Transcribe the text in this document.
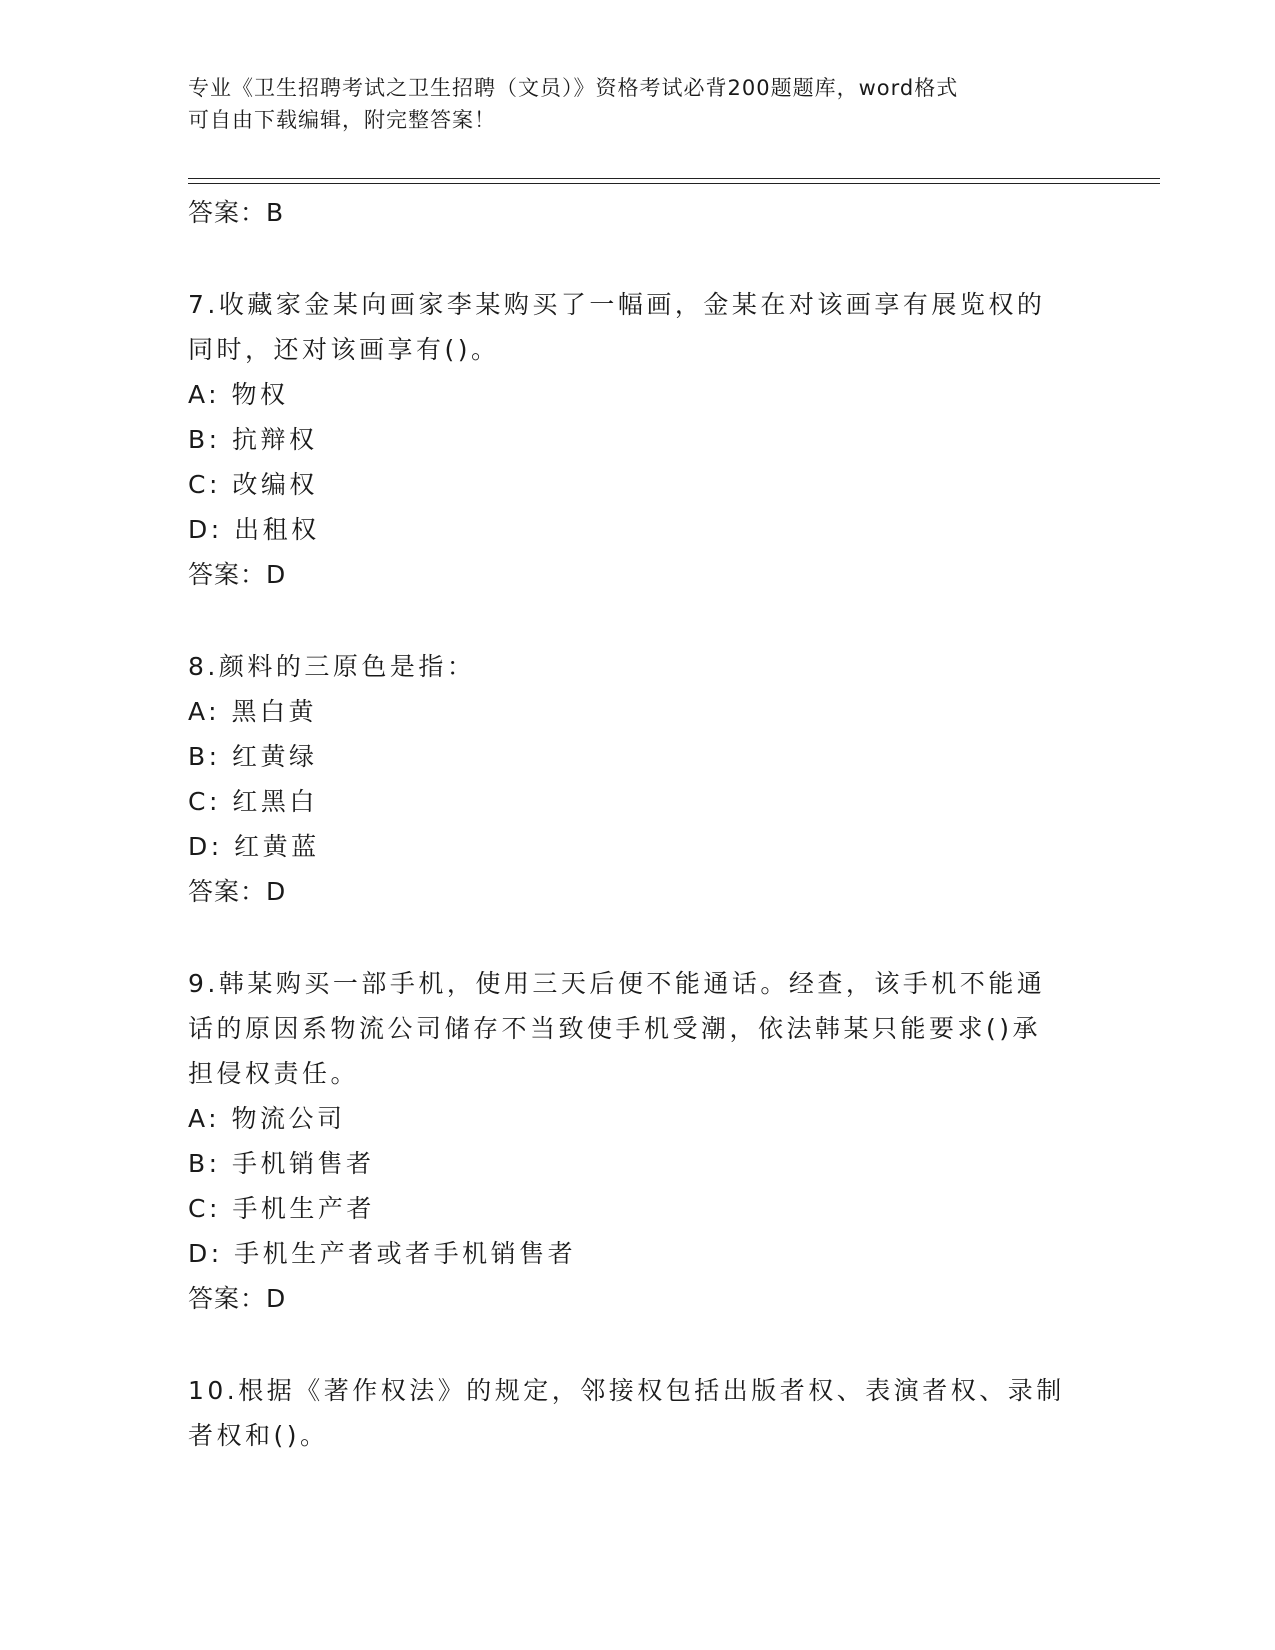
专业《卫生招聘考试之卫生招聘（文员）》资格考试必背200题题库，word格式
可自由下载编辑，附完整答案！

答案：B

7.收藏家金某向画家李某购买了一幅画，金某在对该画享有展览权的

同时，还对该画享有()。

A: 物权

B: 抗辩权

C: 改编权

D: 出租权

答案：D

8.颜料的三原色是指：

A: 黑白黄

B: 红黄绿

C: 红黑白

D: 红黄蓝

答案：D

9.韩某购买一部手机，使用三天后便不能通话。经查，该手机不能通

话的原因系物流公司储存不当致使手机受潮，依法韩某只能要求()承

担侵权责任。

A: 物流公司

B: 手机销售者

C: 手机生产者

D: 手机生产者或者手机销售者

答案：D

10.根据《著作权法》的规定，邻接权包括出版者权、表演者权、录制

者权和()。
